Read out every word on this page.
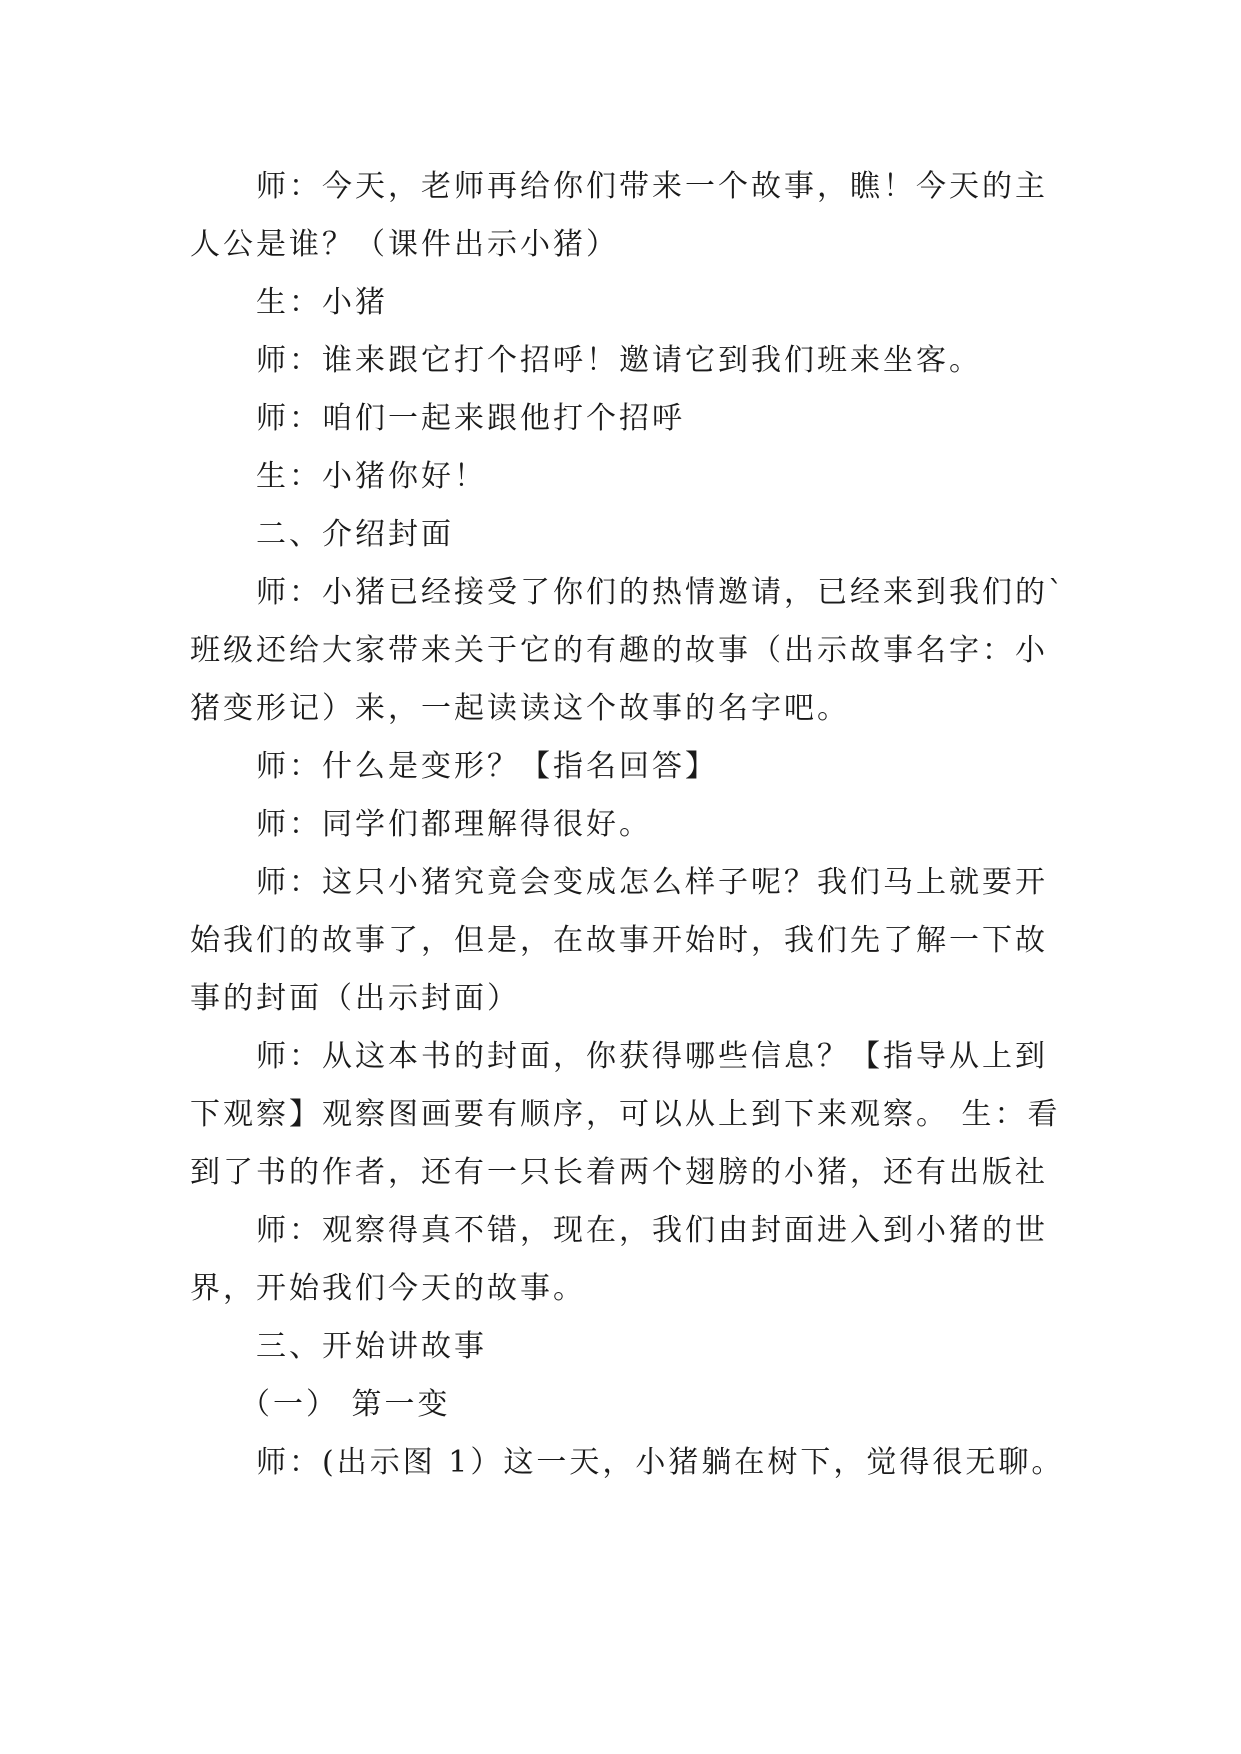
师：今天，老师再给你们带来一个故事，瞧！今天的主人公是谁？（课件出示小猪）

生：小猪

师：谁来跟它打个招呼！邀请它到我们班来坐客。

师：咱们一起来跟他打个招呼

生：小猪你好！

二、介绍封面

师：小猪已经接受了你们的热情邀请，已经来到我们的`班级还给大家带来关于它的有趣的故事（出示故事名字：小猪变形记）来，一起读读这个故事的名字吧。

师：什么是变形？【指名回答】

师：同学们都理解得很好。

师：这只小猪究竟会变成怎么样子呢？我们马上就要开始我们的故事了，但是，在故事开始时，我们先了解一下故事的封面（出示封面）

师：从这本书的封面，你获得哪些信息？【指导从上到下观察】观察图画要有顺序，可以从上到下来观察。 生：看到了书的作者，还有一只长着两个翅膀的小猪，还有出版社

师：观察得真不错，现在，我们由封面进入到小猪的世界，开始我们今天的故事。

三、开始讲故事

（一） 第一变

师：(出示图 1）这一天，小猪躺在树下，觉得很无聊。
